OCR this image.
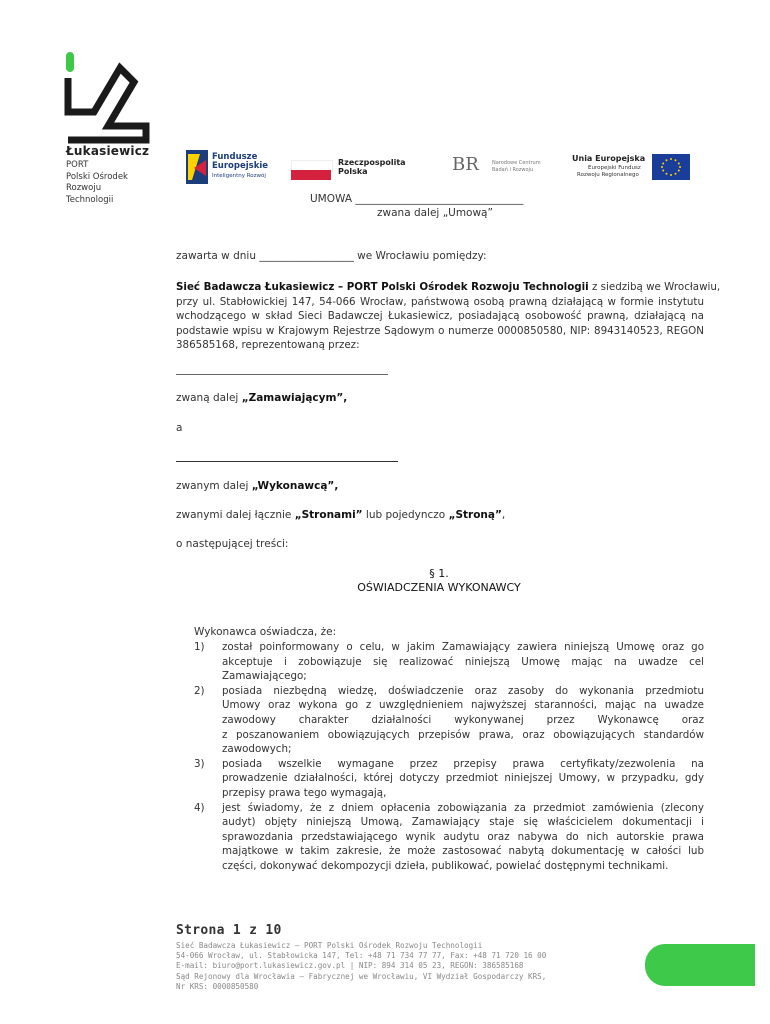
Łukasiewicz
PORT
Polski Ośrodek
Rozwoju
Technologii
Fundusze
Europejskie
Inteligentny Rozwój
Rzeczpospolita
Polska	BR	Narodowe Centrum
Badań i Rozwoju
Unia Europejska
Europejski Fundusz
Rozwoju Regionalnego
UMOWA ________________________________
zwana dalej „Umową”
zawarta w dniu __________________ we Wrocławiu pomiędzy:
Sieć Badawcza Łukasiewicz – PORT Polski Ośrodek Rozwoju Technologii z siedzibą we Wrocławiu,
przy ul. Stabłowickiej 147, 54-066 Wrocław, państwową osobą prawną działającą w formie instytutu
wchodzącego w skład Sieci Badawczej Łukasiewicz, posiadającą osobowość prawną, działającą na
podstawie wpisu w Krajowym Rejestrze Sądowym o numerze 0000850580, NIP: 8943140523, REGON
386585168, reprezentowaną przez:
zwaną dalej „Zamawiającym”,
a
zwanym dalej „Wykonawcą”,
zwanymi dalej łącznie „Stronami” lub pojedynczo „Stroną”,
o następującej treści:
§ 1.
OŚWIADCZENIA WYKONAWCY
Wykonawca oświadcza, że:
1) został poinformowany o celu, w jakim Zamawiający zawiera niniejszą Umowę oraz go
akceptuje i zobowiązuje się realizować niniejszą Umowę mając na uwadze cel
Zamawiającego;
2) posiada niezbędną wiedzę, doświadczenie oraz zasoby do wykonania przedmiotu
Umowy oraz wykona go z uwzględnieniem najwyższej staranności, mając na uwadze
zawodowy charakter działalności wykonywanej przez Wykonawcę oraz
z poszanowaniem obowiązujących przepisów prawa, oraz obowiązujących standardów
zawodowych;
3) posiada wszelkie wymagane przez przepisy prawa certyfikaty/zezwolenia na
prowadzenie działalności, której dotyczy przedmiot niniejszej Umowy, w przypadku, gdy
przepisy prawa tego wymagają,
4) jest świadomy, że z dniem opłacenia zobowiązania za przedmiot zamówienia (zlecony
audyt) objęty niniejszą Umową, Zamawiający staje się właścicielem dokumentacji i
sprawozdania przedstawiającego wynik audytu oraz nabywa do nich autorskie prawa
majątkowe w takim zakresie, że może zastosować nabytą dokumentację w całości lub
części, dokonywać dekompozycji dzieła, publikować, powielać dostępnymi technikami.
Strona 1 z 10
Sieć Badawcza Łukasiewicz – PORT Polski Ośrodek Rozwoju Technologii
54-066 Wrocław, ul. Stabłowicka 147, Tel: +48 71 734 77 77, Fax: +48 71 720 16 00
E-mail: biuro@port.lukasiewicz.gov.pl | NIP: 894 314 05 23, REGON: 386585168
Sąd Rejonowy dla Wrocławia – Fabrycznej we Wrocławiu, VI Wydział Gospodarczy KRS,
Nr KRS: 0000850580
